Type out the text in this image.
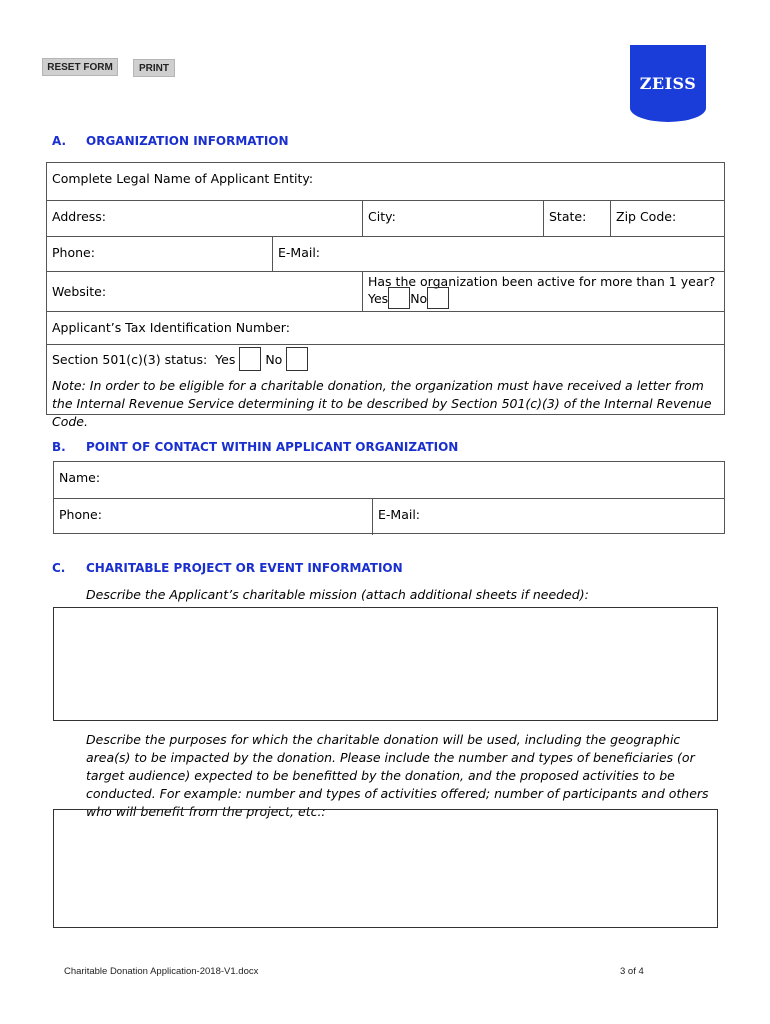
RESET FORM	PRINT
ZEISS
A. ORGANIZATION INFORMATION
Complete Legal Name of Applicant Entity:
Address:	City:	State:	Zip Code:
Phone:	E-Mail:
Website:
Has the organization been active for more than 1 year?
Yes No
Applicant’s Tax Identification Number:
Section 501(c)(3) status: Yes No
Note: In order to be eligible for a charitable donation, the organization must have received a letter from the Internal Revenue Service determining it to be described by Section 501(c)(3) of the Internal Revenue Code.
B. POINT OF CONTACT WITHIN APPLICANT ORGANIZATION
Name:
Phone:	E-Mail:
C. CHARITABLE PROJECT OR EVENT INFORMATION
Describe the Applicant’s charitable mission (attach additional sheets if needed):
Describe the purposes for which the charitable donation will be used, including the geographic area(s) to be impacted by the donation. Please include the number and types of beneficiaries (or target audience) expected to be benefitted by the donation, and the proposed activities to be conducted. For example: number and types of activities offered; number of participants and others who will benefit from the project, etc.:
Charitable Donation Application-2018-V1.docx	3 of 4
